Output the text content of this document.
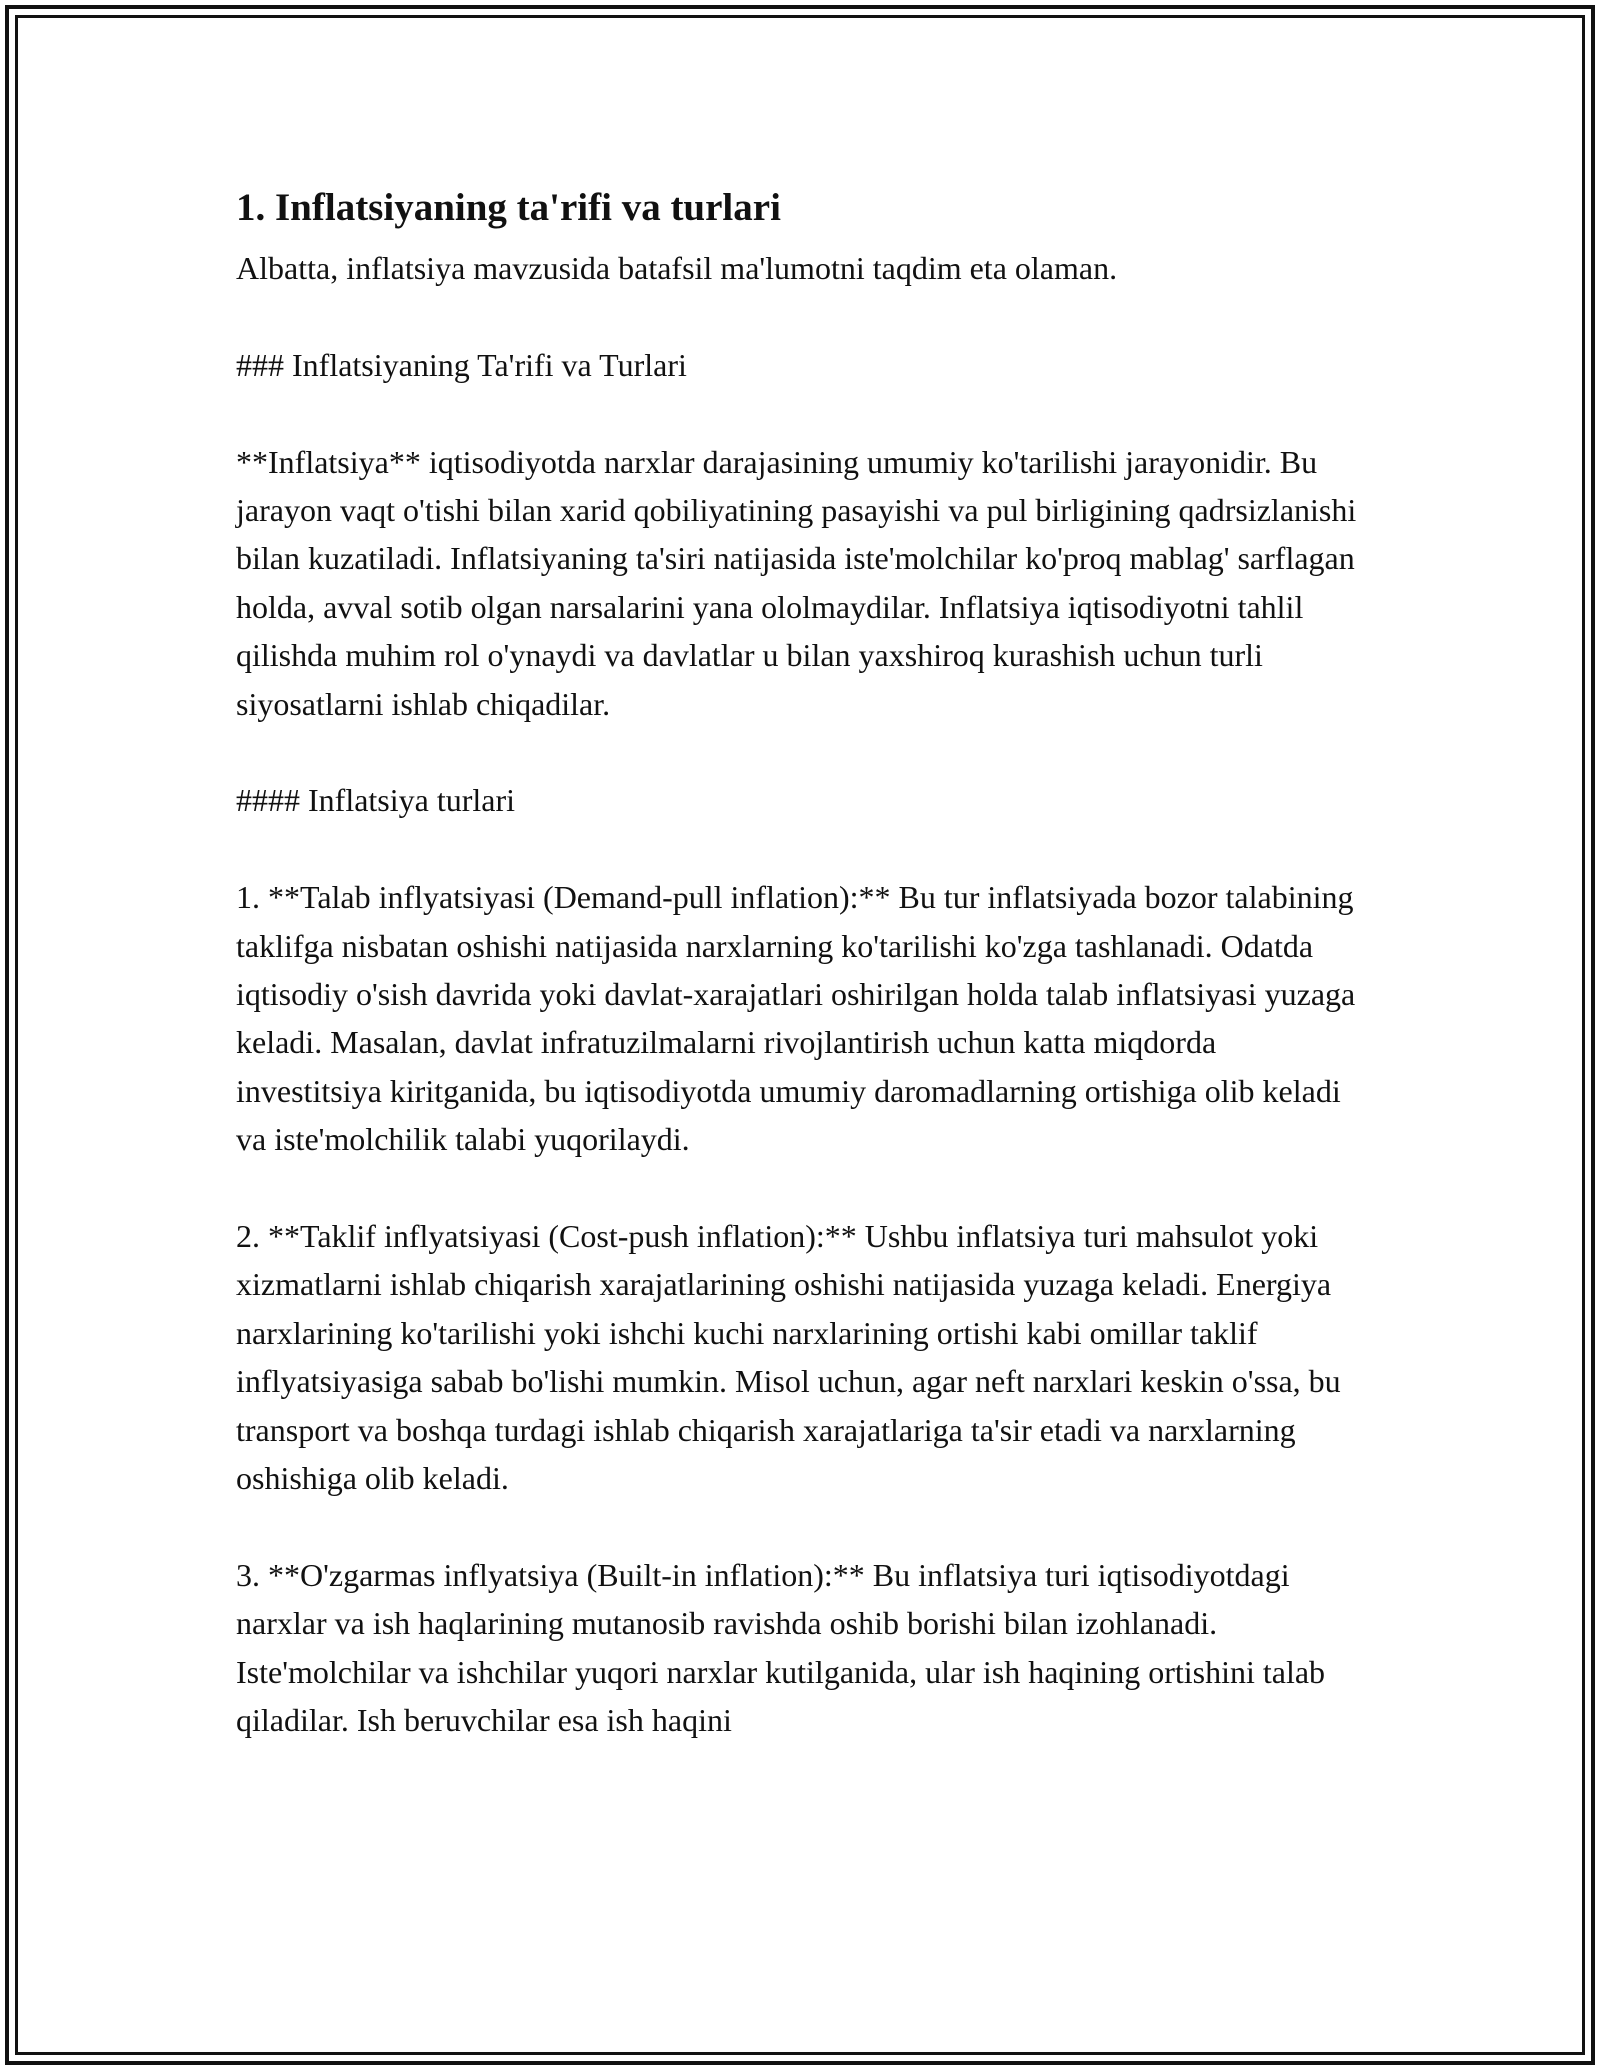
1. Inflatsiyaning ta'rifi va turlari

Albatta, inflatsiya mavzusida batafsil ma'lumotni taqdim eta olaman.

### Inflatsiyaning Ta'rifi va Turlari

**Inflatsiya** iqtisodiyotda narxlar darajasining umumiy ko'tarilishi jarayonidir. Bu jarayon vaqt o'tishi bilan xarid qobiliyatining pasayishi va pul birligining qadrsizlanishi bilan kuzatiladi. Inflatsiyaning ta'siri natijasida iste'molchilar ko'proq mablag' sarflagan holda, avval sotib olgan narsalarini yana ololmaydilar. Inflatsiya iqtisodiyotni tahlil qilishda muhim rol o'ynaydi va davlatlar u bilan yaxshiroq kurashish uchun turli siyosatlarni ishlab chiqadilar.

#### Inflatsiya turlari

1. **Talab inflyatsiyasi (Demand-pull inflation):** Bu tur inflatsiyada bozor talabining taklifga nisbatan oshishi natijasida narxlarning ko'tarilishi ko'zga tashlanadi. Odatda iqtisodiy o'sish davrida yoki davlat-xarajatlari oshirilgan holda talab inflatsiyasi yuzaga keladi. Masalan, davlat infratuzilmalarni rivojlantirish uchun katta miqdorda investitsiya kiritganida, bu iqtisodiyotda umumiy daromadlarning ortishiga olib keladi va iste'molchilik talabi yuqorilaydi.

2. **Taklif inflyatsiyasi (Cost-push inflation):** Ushbu inflatsiya turi mahsulot yoki xizmatlarni ishlab chiqarish xarajatlarining oshishi natijasida yuzaga keladi. Energiya narxlarining ko'tarilishi yoki ishchi kuchi narxlarining ortishi kabi omillar taklif inflyatsiyasiga sabab bo'lishi mumkin. Misol uchun, agar neft narxlari keskin o'ssa, bu transport va boshqa turdagi ishlab chiqarish xarajatlariga ta'sir etadi va narxlarning oshishiga olib keladi.

3. **O'zgarmas inflyatsiya (Built-in inflation):** Bu inflatsiya turi iqtisodiyotdagi narxlar va ish haqlarining mutanosib ravishda oshib borishi bilan izohlanadi. Iste'molchilar va ishchilar yuqori narxlar kutilganida, ular ish haqining ortishini talab qiladilar. Ish beruvchilar esa ish haqini
